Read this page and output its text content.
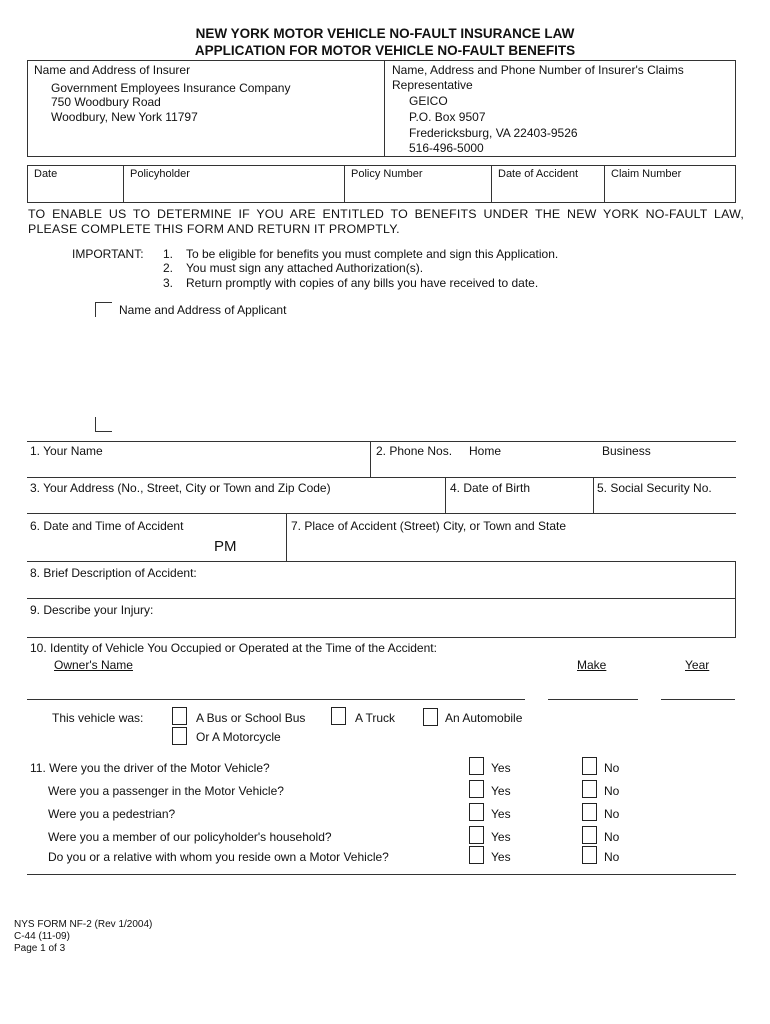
NEW YORK MOTOR VEHICLE NO-FAULT INSURANCE LAW
APPLICATION FOR MOTOR VEHICLE NO-FAULT BENEFITS
Name and Address of Insurer
Government Employees Insurance Company
750 Woodbury Road
Woodbury, New York 11797
Name, Address and Phone Number of Insurer's Claims
Representative
GEICO
P.O. Box 9507
Fredericksburg, VA 22403-9526
516-496-5000
Date	Policyholder	Policy Number	Date of Accident	Claim Number
TO ENABLE US TO DETERMINE IF YOU ARE ENTITLED TO BENEFITS UNDER THE NEW YORK NO-FAULT LAW,
PLEASE COMPLETE THIS FORM AND RETURN IT PROMPTLY.
IMPORTANT: 1. To be eligible for benefits you must complete and sign this Application.
2. You must sign any attached Authorization(s).
3. Return promptly with copies of any bills you have received to date.
Name and Address of Applicant
1. Your Name	2. Phone Nos. Home	Business
3. Your Address (No., Street, City or Town and Zip Code)	4. Date of Birth	5. Social Security No.
6. Date and Time of Accident
PM
7. Place of Accident (Street) City, or Town and State
8. Brief Description of Accident:
9. Describe your Injury:
10. Identity of Vehicle You Occupied or Operated at the Time of the Accident:
Owner's Name	Make	Year
This vehicle was:	A Bus or School Bus	A Truck	An Automobile
Or A Motorcycle
11. Were you the driver of the Motor Vehicle?	Yes	No
Were you a passenger in the Motor Vehicle?	Yes	No
Were you a pedestrian?	Yes	No
Were you a member of our policyholder's household?	Yes	No
Do you or a relative with whom you reside own a Motor Vehicle?	Yes	No
NYS FORM NF-2 (Rev 1/2004)
C-44 (11-09)
Page 1 of 3
